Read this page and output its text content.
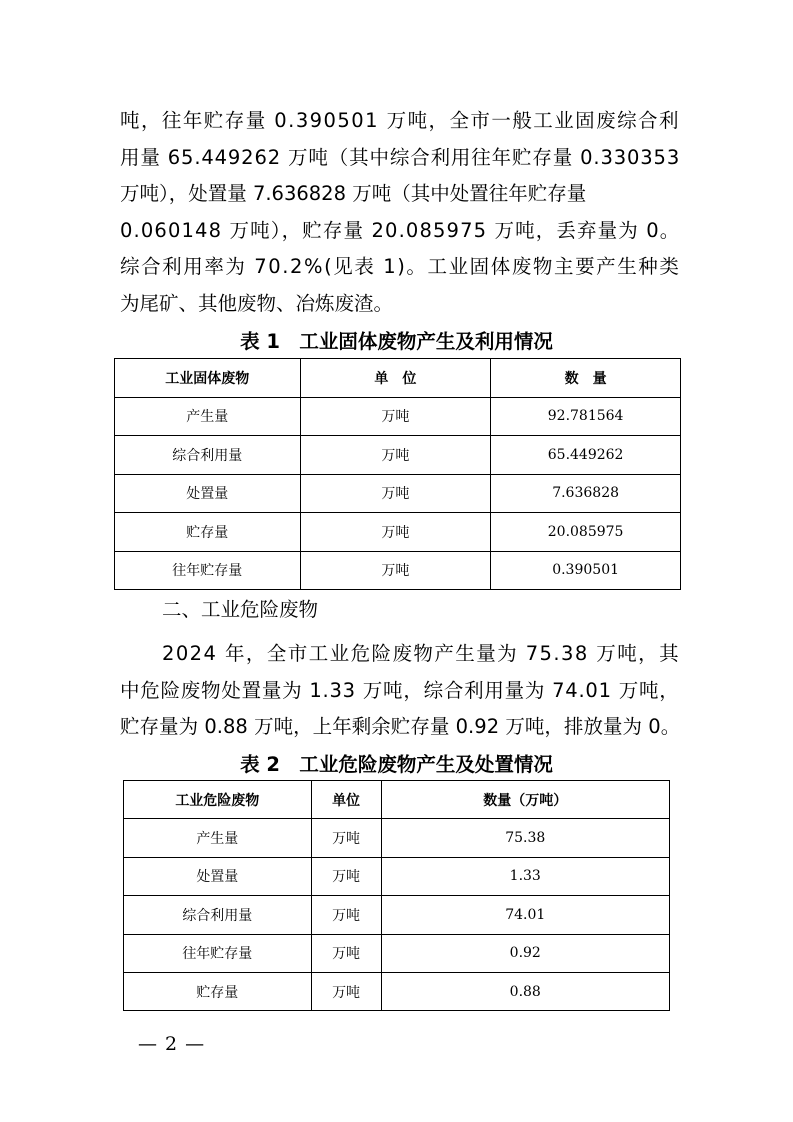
吨，往年贮存量 0.390501 万吨，全市一般工业固废综合利
用量 65.449262 万吨（其中综合利用往年贮存量 0.330353
万吨），处置量 7.636828 万吨（其中处置往年贮存量
0.060148 万吨），贮存量 20.085975 万吨，丢弃量为 0。
综合利用率为 70.2%(见表 1)。工业固体废物主要产生种类
为尾矿、其他废物、冶炼废渣。

表 1　工业固体废物产生及利用情况

工业固体废物	单　位	数　量
产生量	万吨	92.781564
综合利用量	万吨	65.449262
处置量	万吨	7.636828
贮存量	万吨	20.085975
往年贮存量	万吨	0.390501

二、工业危险废物

2024 年，全市工业危险废物产生量为 75.38 万吨，其
中危险废物处置量为 1.33 万吨，综合利用量为 74.01 万吨，
贮存量为 0.88 万吨，上年剩余贮存量 0.92 万吨，排放量为 0。

表 2　工业危险废物产生及处置情况

工业危险废物	单位	数量（万吨）
产生量	万吨	75.38
处置量	万吨	1.33
综合利用量	万吨	74.01
往年贮存量	万吨	0.92
贮存量	万吨	0.88

— 2 —
